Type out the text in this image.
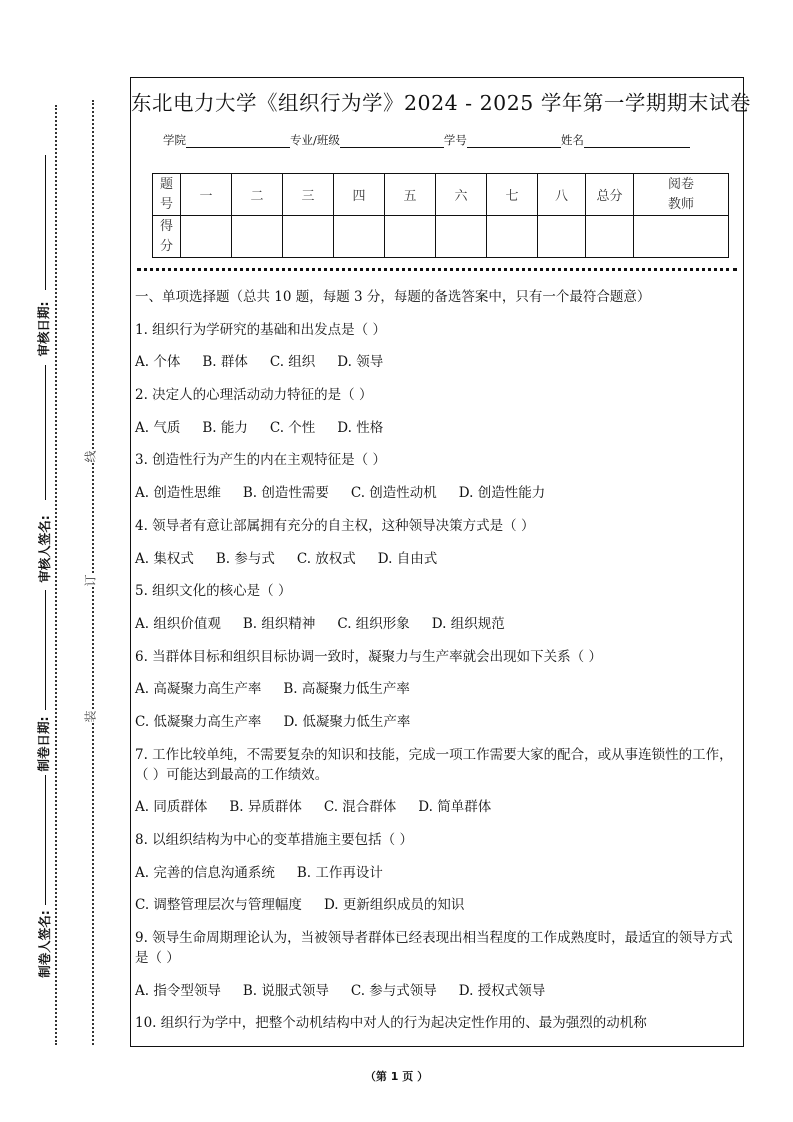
审核日期:
审核人签名:
制卷日期:
制卷人签名:
线
订
装
东北电力大学《组织行为学》2024 - 2025 学年第一学期期末试卷
学院	专业/班级	学号	姓名
题号	一	二	三	四	五	六	七	八	总分	阅卷教师

得分										

一、单项选择题（总共 10 题，每题 3 分，每题的备选答案中，只有一个最符合题意）
1. 组织行为学研究的基础和出发点是（ ）
A. 个体 B. 群体 C. 组织 D. 领导
2. 决定人的心理活动动力特征的是（ ）
A. 气质 B. 能力 C. 个性 D. 性格
3. 创造性行为产生的内在主观特征是（ ）
A. 创造性思维 B. 创造性需要 C. 创造性动机 D. 创造性能力
4. 领导者有意让部属拥有充分的自主权，这种领导决策方式是（ ）
A. 集权式 B. 参与式 C. 放权式 D. 自由式
5. 组织文化的核心是（ ）
A. 组织价值观 B. 组织精神 C. 组织形象 D. 组织规范
6. 当群体目标和组织目标协调一致时，凝聚力与生产率就会出现如下关系（ ）
A. 高凝聚力高生产率 B. 高凝聚力低生产率
C. 低凝聚力高生产率 D. 低凝聚力低生产率
7. 工作比较单纯，不需要复杂的知识和技能，完成一项工作需要大家的配合，或从事连锁性的工作，（ ）可能达到最高的工作绩效。
A. 同质群体 B. 异质群体 C. 混合群体 D. 简单群体
8. 以组织结构为中心的变革措施主要包括（ ）
A. 完善的信息沟通系统 B. 工作再设计
C. 调整管理层次与管理幅度 D. 更新组织成员的知识
9. 领导生命周期理论认为，当被领导者群体已经表现出相当程度的工作成熟度时，最适宜的领导方式是（ ）
A. 指令型领导 B. 说服式领导 C. 参与式领导 D. 授权式领导
10. 组织行为学中，把整个动机结构中对人的行为起决定性作用的、最为强烈的动机称
（第 1 页 ）
